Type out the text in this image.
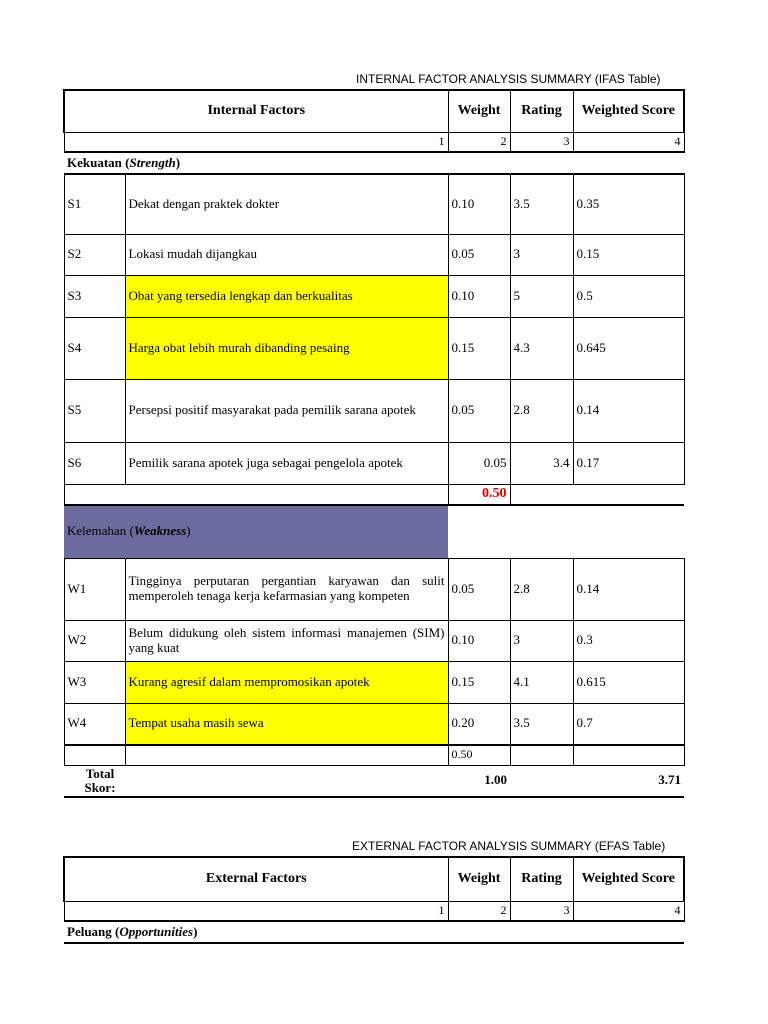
INTERNAL FACTOR ANALYSIS SUMMARY (IFAS Table)
Internal Factors		Weight	Rating	Weighted Score
1		2	3	4
Kekuatan (Strength)				
S1	Dekat dengan praktek dokter	0.10	3.5	0.35
S2	Lokasi mudah dijangkau	0.05	3	0.15
S3	Obat yang tersedia lengkap dan berkualitas	0.10	5	0.5
S4	Harga obat lebih murah dibanding pesaing	0.15	4.3	0.645
S5	Persepsi positif masyarakat pada pemilik sarana apotek	0.05	2.8	0.14
S6	Pemilik sarana apotek juga sebagai pengelola apotek	0.05	3.4	0.17
		0.50		
Kelemahan (Weakness)				
W1	Tingginya perputaran pergantian karyawan dan sulit memperoleh tenaga kerja kefarmasian yang kompeten	0.05	2.8	0.14
W2	Belum didukung oleh sistem informasi manajemen (SIM) yang kuat	0.10	3	0.3
W3	Kurang agresif dalam mempromosikan apotek	0.15	4.1	0.615
W4	Tempat usaha masih sewa	0.20	3.5	0.7
		0.50		
Total Skor:		1.00		3.71
EXTERNAL FACTOR ANALYSIS SUMMARY (EFAS Table)
External Factors	Weight	Rating	Weighted Score
1	2	3	4
Peluang (Opportunities)			
